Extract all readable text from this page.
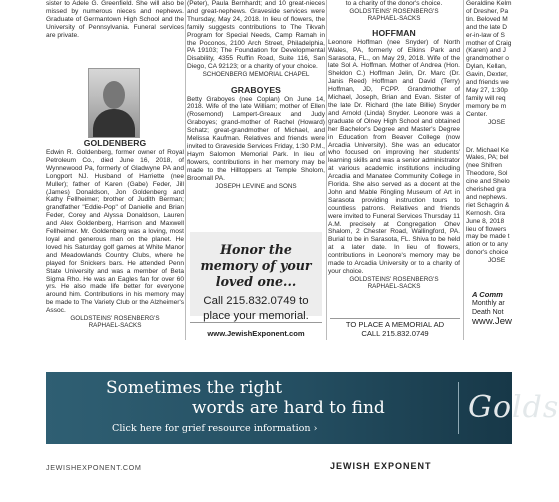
sister to Adele G. Greenfield. She will also be missed by numerous nieces and nephews. Graduate of Germantown High School and the University of Pennsylvania. Funeral services are private.

GOLDENBERG

Edwin R. Goldenberg, former owner of Royal Petroleum Co., died June 16, 2018, of Wynnewood Pa, formerly of Gladwyne PA and Longport NJ. Husband of Harriette (nee Muller); father of Karen (Gabe) Feder, Jill (James) Donaldson, Jon Goldenberg and Kathy Fellheimer; brother of Judith Berman; grandfather "Eddie-Pop" of Danielle and Brian Feder, Corey and Alyssa Donaldson, Lauren and Alex Goldenberg, Harrison and Maxwell Fellheimer. Mr. Goldenberg was a loving, most loyal and generous man on the planet. He loved his Saturday golf games at White Manor and Meadowlands Country Clubs, where he played for Snickers bars. He attended Penn State University and was a member of Beta Sigma Rho. He was an Eagles fan for over 60 yrs. He also made life better for everyone around him. Contributions in his memory may be made to The Variety Club or the Alzheimer's Assoc.

GOLDSTEINS' ROSENBERG'S
RAPHAEL-SACKS

(Peter), Paula Bernhardt; and 10 great-nieces and great-nephews. Graveside services were Thursday, May 24, 2018. In lieu of flowers, the family suggests contributions to The Tikvah Program for Special Needs, Camp Ramah in the Poconos, 2100 Arch Street, Philadelphia, PA 19103; The Foundation for Developmental Disability, 4355 Ruffin Road, Suite 116, San Diego, CA 92123; or a charity of your choice.

SCHOENBERG MEMORIAL CHAPEL
GRABOYES

Betty Graboyes (nee Coplan) On June 14, 2018. Wife of the late William; mother of Ellen (Rosemond) Lampert-Greaux and Judy Graboyes; grand-mother of Rachel (Howard) Schatz; great-grandmother of Michael, and Melissa Kaufman. Relatives and friends were invited to Graveside Services Friday, 1:30 P.M., Haym Salomon Memorial Park. In lieu of flowers, contributions in her memory may be made to the Hilltoppers at Temple Sholom, Broomall PA.

JOSEPH LEVINE and SONS
Honor the memory of your loved one...
Call 215.832.0749 to place your memorial.
www.JewishExponent.com

to a charity of the donor's choice.

GOLDSTEINS' ROSENBERG'S
RAPHAEL-SACKS
HOFFMAN

Leonore Hoffman (nee Snyder) of North Wales, PA, formerly of Elkins Park and Sarasota, FL., on May 29, 2018. Wife of the late Sol A. Hoffman. Mother of Andrea (Hon. Sheldon C.) Hoffman Jelin, Dr. Marc (Dr. Janis Reed) Hoffman and David (Terry) Hoffman, JD, FCPP. Grandmother of Michael, Joseph, Brian and Evan. Sister of the late Dr. Richard (the late Billie) Snyder and Arnold (Linda) Snyder. Leonore was a graduate of Olney High School and obtained her Bachelor's Degree and Master's Degree in Education from Beaver College (now Arcadia University). She was an educator who focused on improving her students' learning skills and was a senior administrator at various academic institutions including Arcadia and Manatee Community College in Florida. She also served as a docent at the John and Mable Ringling Museum of Art in Sarasota providing instruction tours to countless patrons. Relatives and friends were invited to Funeral Services Thursday 11 A.M. precisely at Congregation Ohev Shalom, 2 Chester Road, Wallingford, PA. Burial to be in Sarasota, FL. Shiva to be held at a later date. In lieu of flowers, contributions in Leonore's memory may be made to Arcadia University or to a charity of your choice.

GOLDSTEINS' ROSENBERG'S
RAPHAEL-SACKS
TO PLACE A MEMORIAL AD
CALL 215.832.0749
Geraldine Kelm
of Dresher, Pa
tin. Beloved M
and the late D
er-in-law of S
mother of Craig
(Karen) and J
grandmother o
Dylan, Kellan,
Gavin, Dexter,
and friends we
May 27, 1:30p
family will req
memory be m
Center.
JOSE
Dr. Michael Ke
Wales, PA; bel
(nee Shifren
Theodore, Sol
cine and Shelo
cherished gra
and nephews.
riet Schagrin &
Kernosh. Gra
June 8, 2018
lieu of flowers
may be made t
ation or to any
donor's choice
JOSE
A Comm
Monthly ar
Death Not
www.Jew
Sometimes the right
words are hard to find
Click here for grief resource information ›
Golds
JEWISHEXPONENT.COM	JEWISH EXPONENT
